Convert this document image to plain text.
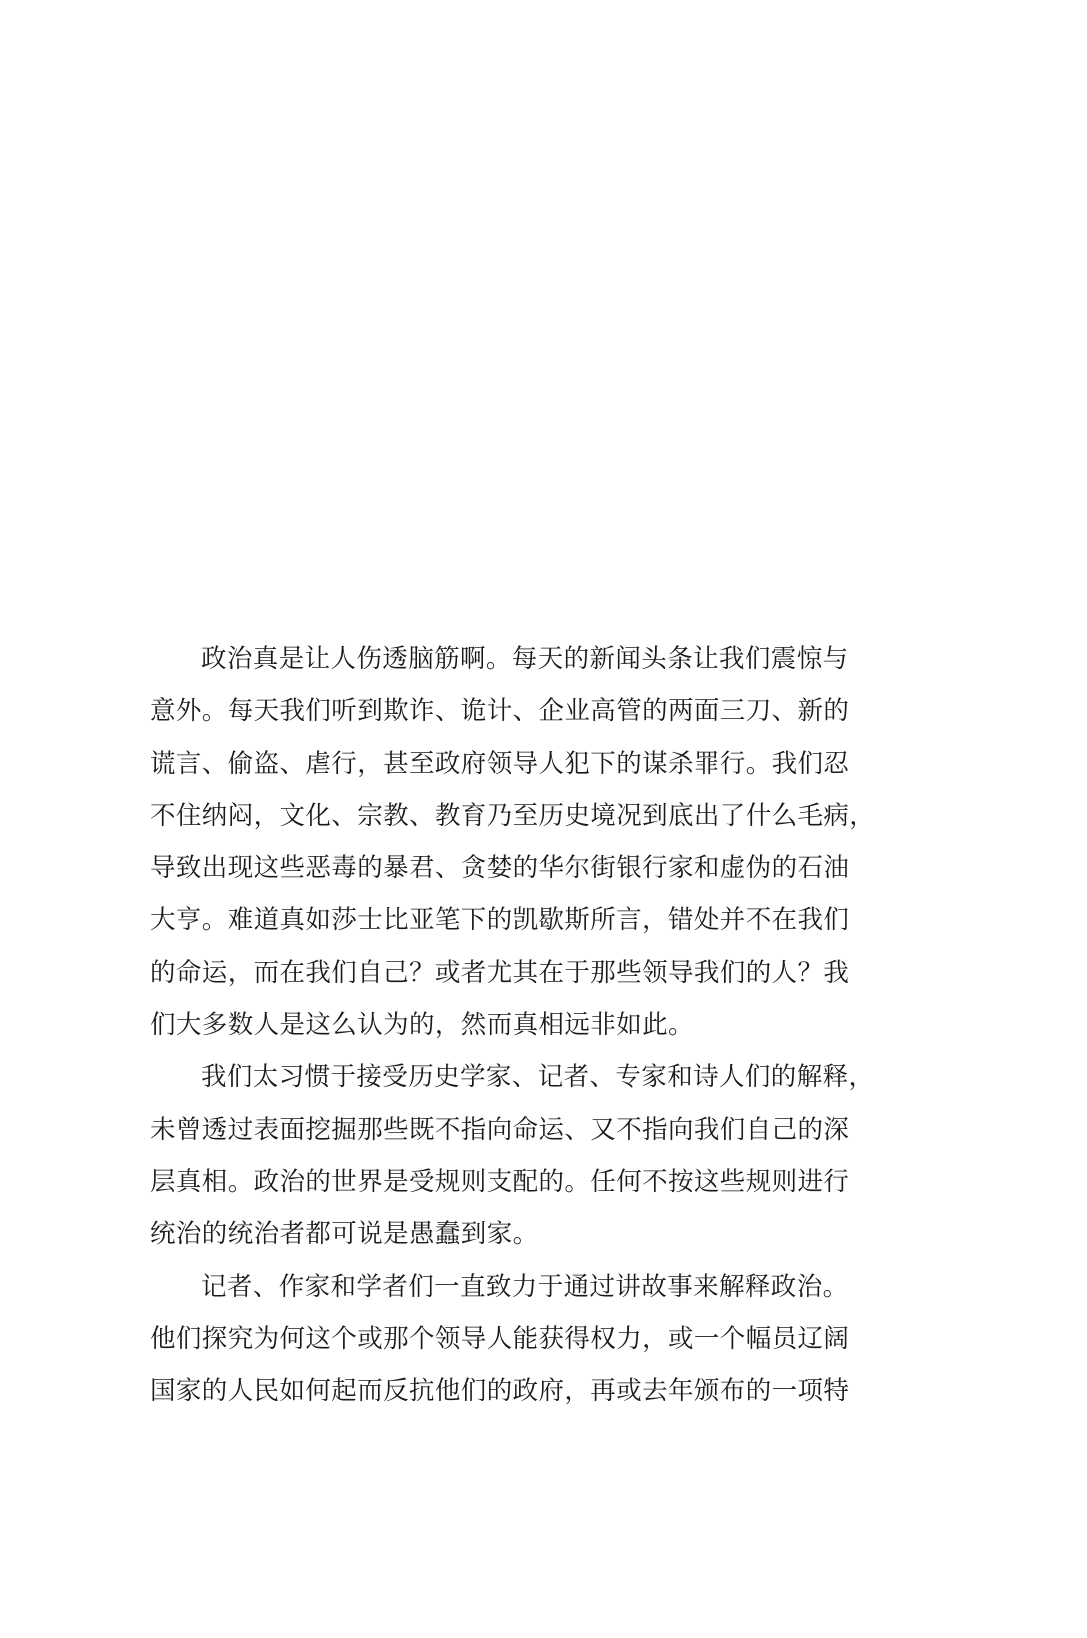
政治真是让人伤透脑筋啊。每天的新闻头条让我们震惊与
意外。每天我们听到欺诈、诡计、企业高管的两面三刀、新的
谎言、偷盗、虐行，甚至政府领导人犯下的谋杀罪行。我们忍
不住纳闷，文化、宗教、教育乃至历史境况到底出了什么毛病，
导致出现这些恶毒的暴君、贪婪的华尔街银行家和虚伪的石油
大亨。难道真如莎士比亚笔下的凯歇斯所言，错处并不在我们
的命运，而在我们自己？或者尤其在于那些领导我们的人？我
们大多数人是这么认为的，然而真相远非如此。
我们太习惯于接受历史学家、记者、专家和诗人们的解释，
未曾透过表面挖掘那些既不指向命运、又不指向我们自己的深
层真相。政治的世界是受规则支配的。任何不按这些规则进行
统治的统治者都可说是愚蠢到家。
记者、作家和学者们一直致力于通过讲故事来解释政治。
他们探究为何这个或那个领导人能获得权力，或一个幅员辽阔
国家的人民如何起而反抗他们的政府，再或去年颁布的一项特
